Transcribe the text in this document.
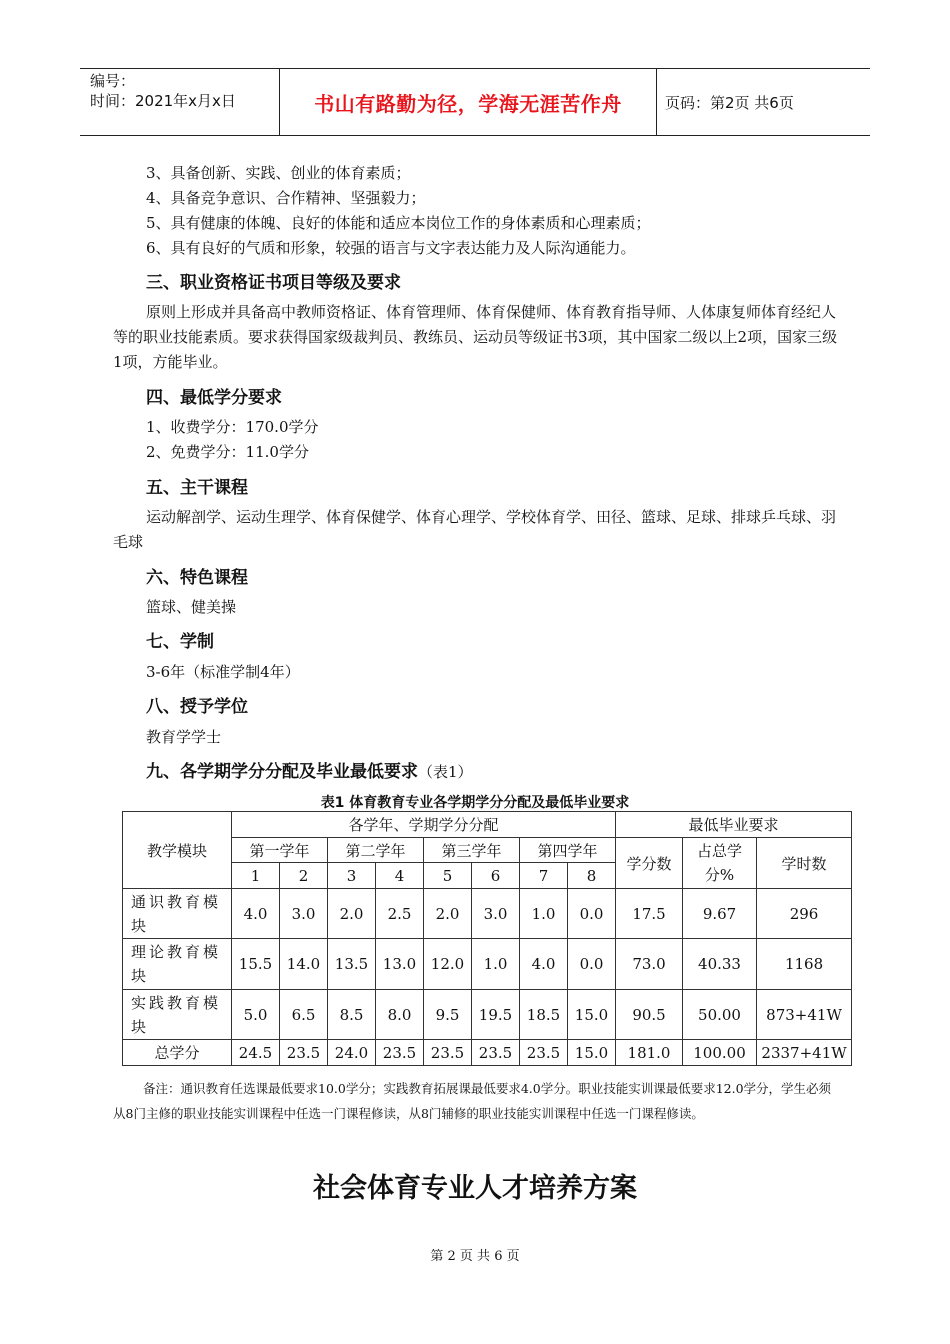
编号：
时间：2021年x月x日	书山有路勤为径，学海无涯苦作舟	页码：第2页 共6页
3、具备创新、实践、创业的体育素质；
4、具备竞争意识、合作精神、坚强毅力；
5、具有健康的体魄、良好的体能和适应本岗位工作的身体素质和心理素质；
6、具有良好的气质和形象，较强的语言与文字表达能力及人际沟通能力。
三、职业资格证书项目等级及要求
原则上形成并具备高中教师资格证、体育管理师、体育保健师、体育教育指导师、人体康复师体育经纪人等的职业技能素质。要求获得国家级裁判员、教练员、运动员等级证书3项，其中国家二级以上2项，国家三级1项，方能毕业。
四、最低学分要求
1、收费学分：170.0学分
2、免费学分：11.0学分
五、主干课程
运动解剖学、运动生理学、体育保健学、体育心理学、学校体育学、田径、篮球、足球、排球乒乓球、羽毛球
六、特色课程
篮球、健美操
七、学制
3-6年（标准学制4年）
八、授予学位
教育学学士
九、各学期学分分配及毕业最低要求（表1）
表1 体育教育专业各学期学分分配及最低毕业要求
教学模块	各学年、学期学分分配								最低毕业要求		
	第一学年		第二学年		第三学年		第四学年		学分数	占总学分%	学时数
	1	2	3	4	5	6	7	8			
通识教育模块	4.0	3.0	2.0	2.5	2.0	3.0	1.0	0.0	17.5	9.67	296
理论教育模块	15.5	14.0	13.5	13.0	12.0	1.0	4.0	0.0	73.0	40.33	1168
实践教育模块	5.0	6.5	8.5	8.0	9.5	19.5	18.5	15.0	90.5	50.00	873+41W
总学分	24.5	23.5	24.0	23.5	23.5	23.5	23.5	15.0	181.0	100.00	2337+41W
备注：通识教育任选课最低要求10.0学分；实践教育拓展课最低要求4.0学分。职业技能实训课最低要求12.0学分，学生必须从8门主修的职业技能实训课程中任选一门课程修读，从8门辅修的职业技能实训课程中任选一门课程修读。
社会体育专业人才培养方案
第 2 页 共 6 页
